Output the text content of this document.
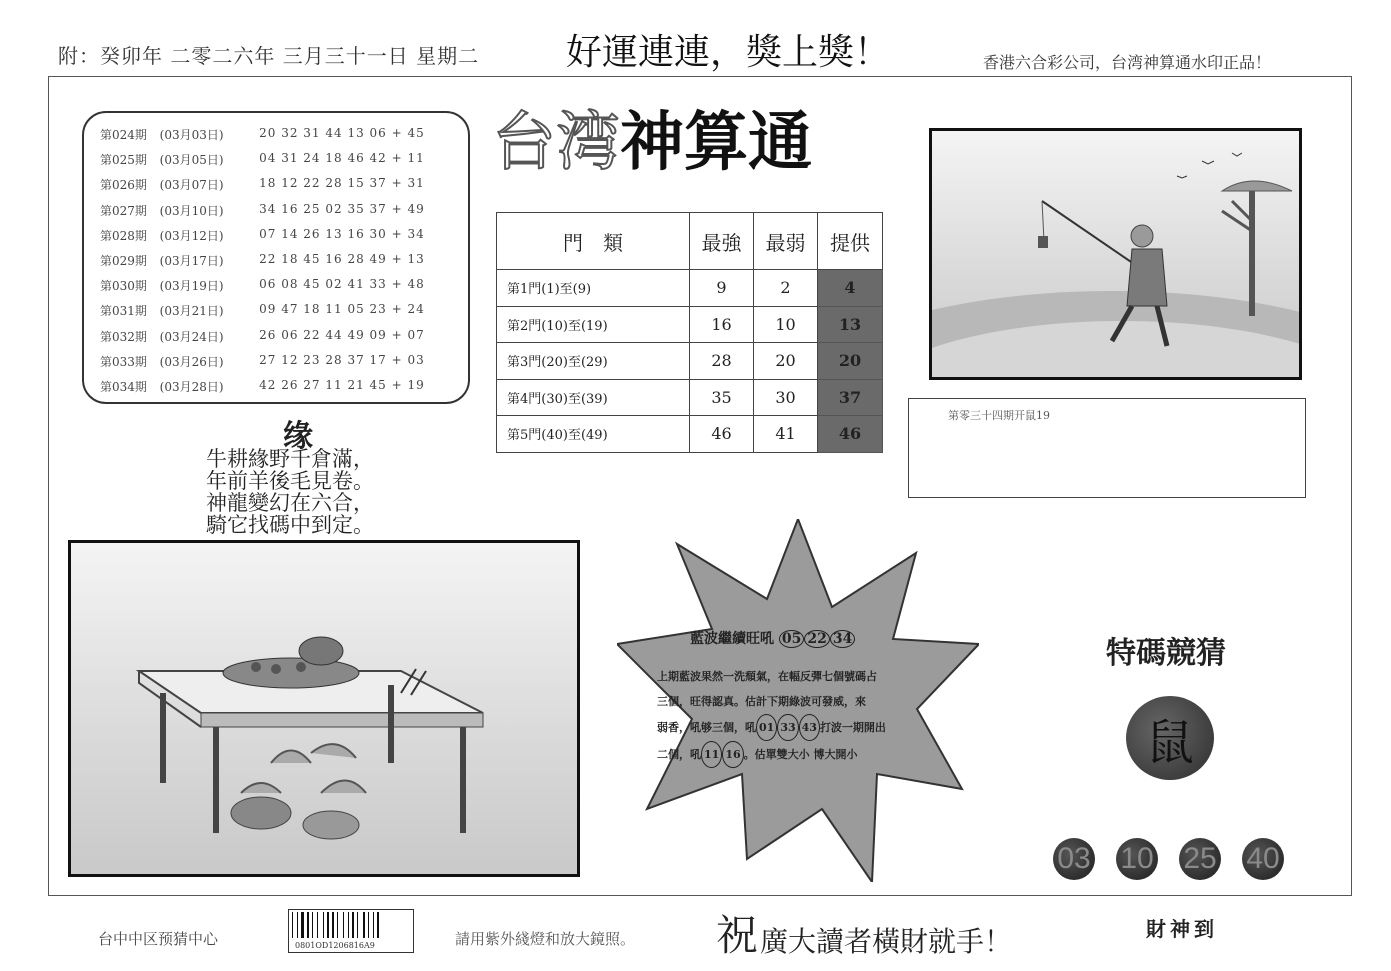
附：癸卯年 二零二六年 三月三十一日 星期二 好運連連，獎上獎！	香港六合彩公司，台湾神算通水印正品！
第024期	(03月03日)	20 32 31 44 13 06 + 45
第025期	(03月05日)	04 31 24 18 46 42 + 11
第026期	(03月07日)	18 12 22 28 15 37 + 31
第027期	(03月10日)	34 16 25 02 35 37 + 49
第028期	(03月12日)	07 14 26 13 16 30 + 34
第029期	(03月17日)	22 18 45 16 28 49 + 13
第030期	(03月19日)	06 08 45 02 41 33 + 48
第031期	(03月21日)	09 47 18 11 05 23 + 24
第032期	(03月24日)	26 06 22 44 49 09 + 07
第033期	(03月26日)	27 12 23 28 37 17 + 03
第034期	(03月28日)	42 26 27 11 21 45 + 19
台湾神算通
門　類	最強	最弱	提供
第1門(1)至(9)	9	2	4
第2門(10)至(19)	16	10	13
第3門(20)至(29)	28	20	20
第4門(30)至(39)	35	30	37
第5門(40)至(49)	46	41	46
第零三十四期开鼠19
缘
牛耕緣野千倉滿，
年前羊後毛見卷。
神龍變幻在六合，
騎它找碼中到定。
藍波繼續旺吼 05 22 34
上期藍波果然一洗頹氣，在幅反彈七個號碼占
三個，旺得認真。估計下期綠波可發威，來
弱香，吼够三個，吼 01 33 43 打波一期開出
二個，吼 11 16 。估單雙大小 博大開小
特碼競猜
鼠
03 10 25 40
台中中区预猜中心	0801OD1206816A9	請用紫外綫燈和放大鏡照。 祝 廣大讀者橫財就手！	財神到
